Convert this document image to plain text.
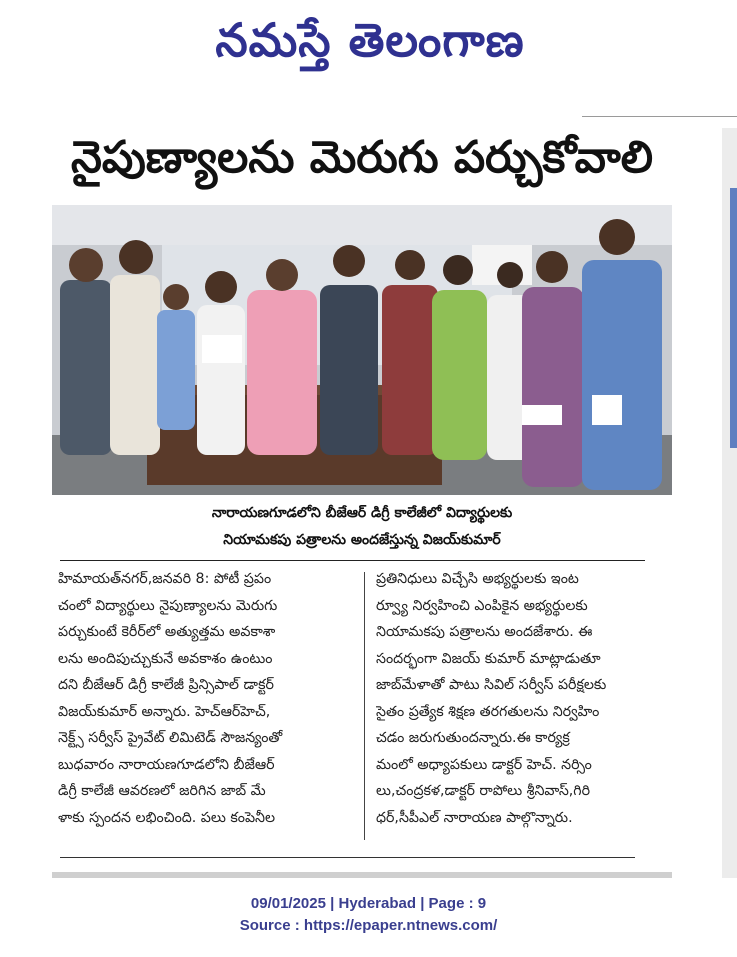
నమస్తే తెలంగాణ
నైపుణ్యాలను మెరుగు పర్చుకోవాలి
నారాయణగూడలోని బీజేఆర్ డిగ్రీ కాలేజీలో విద్యార్థులకు
నియామకపు పత్రాలను అందజేస్తున్న విజయ్‌కుమార్
హిమాయత్‌నగర్,జనవరి 8: పోటీ ప్రపం
చంలో విద్యార్థులు నైపుణ్యాలను మెరుగు
పర్చుకుంటే కెరీర్‌లో అత్యుత్తమ అవకాశా
లను అందిపుచ్చుకునే అవకాశం ఉంటుం
దని బీజేఆర్ డిగ్రీ కాలేజీ ప్రిన్సిపాల్ డాక్టర్
విజయ్‌కుమార్ అన్నారు. హెచ్ఆర్‌హెచ్,
నెక్ట్స్ సర్వీస్ ప్రైవేట్ లిమిటెడ్ సౌజన్యంతో
బుధవారం నారాయణగూడలోని బీజేఆర్
డిగ్రీ కాలేజీ ఆవరణలో జరిగిన జాబ్ మే
ళాకు స్పందన లభించింది. పలు కంపెనీల
ప్రతినిధులు విచ్చేసి అభ్యర్థులకు ఇంట
ర్వ్యూ నిర్వహించి ఎంపికైన అభ్యర్థులకు
నియామకపు పత్రాలను అందజేశారు. ఈ
సందర్భంగా విజయ్ కుమార్ మాట్లాడుతూ
జాబ్‌మేళాతో పాటు సివిల్ సర్వీస్ పరీక్షలకు
సైతం ప్రత్యేక శిక్షణ తరగతులను నిర్వహిం
చడం జరుగుతుందన్నారు.ఈ కార్యక్ర
మంలో అధ్యాపకులు డాక్టర్ హెచ్. నర్సిం
లు,చంద్రకళ,డాక్టర్ రాపోలు శ్రీనివాస్,గిరి
ధర్,సీపీఎల్ నారాయణ పాల్గొన్నారు.
09/01/2025 | Hyderabad | Page : 9
Source : https://epaper.ntnews.com/
